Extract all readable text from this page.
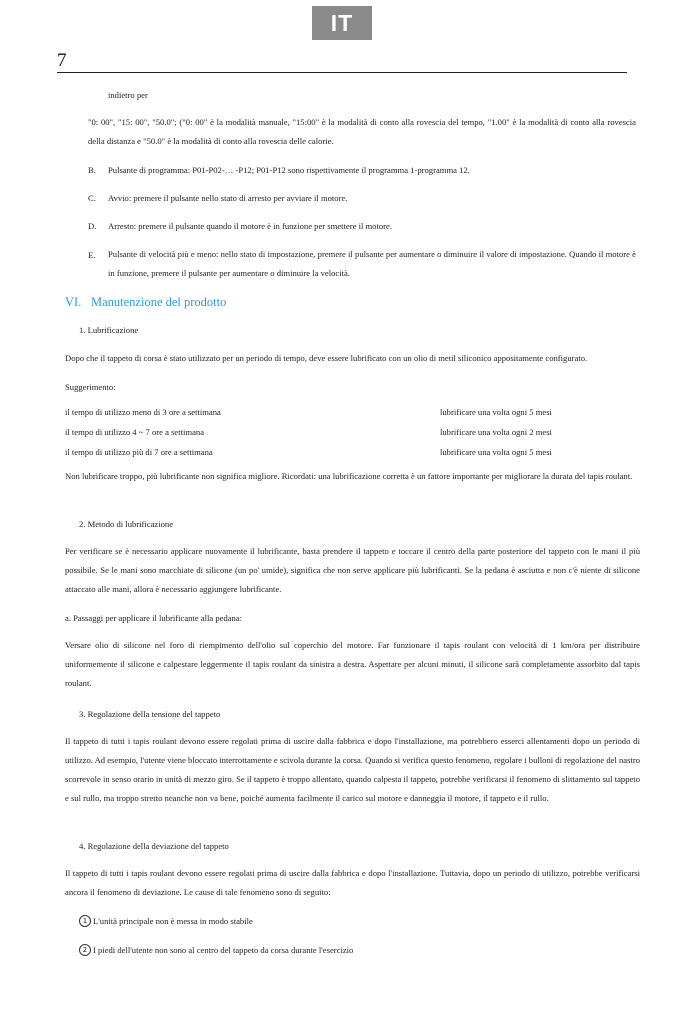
IT
7
indietro per
"0: 00", "15: 00", "50.0"; ("0: 00" è la modalità manuale, "15:00" è la modalità di conto alla rovescia del tempo, "1.00" è la modalità di conto alla rovescia della distanza e "50.0" è la modalità di conto alla rovescia delle calorie.
B. Pulsante di programma: P01-P02-… -P12; P01-P12 sono rispettivamente il programma 1-programma 12.
C. Avvio: premere il pulsante nello stato di arresto per avviare il motore.
D. Arresto: premere il pulsante quando il motore è in funzione per smettere il motore.
E. Pulsante di velocità più e meno: nello stato di impostazione, premere il pulsante per aumentare o diminuire il valore di impostazione. Quando il motore è in funzione, premere il pulsante per aumentare o diminuire la velocità.
VI. Manutenzione del prodotto
1. Lubrificazione
Dopo che il tappeto di corsa è stato utilizzato per un periodo di tempo, deve essere lubrificato con un olio di metil siliconico appositamente configurato.
Suggerimento:
il tempo di utilizzo meno di 3 ore a settimana	lubrificare una volta ogni 5 mesi
il tempo di utilizzo 4 ~ 7 ore a settimana	lubrificare una volta ogni 2 mesi
il tempo di utilizzo più di 7 ore a settimana	lubrificare una volta ogni 5 mesi
Non lubrificare troppo, più lubrificante non significa migliore. Ricordati: una lubrificazione corretta è un fattore importante per migliorare la durata del tapis roulant.
2. Metodo di lubrificazione
Per verificare se è necessario applicare nuovamente il lubrificante, basta prendere il tappeto e toccare il centro della parte posteriore del tappeto con le mani il più possibile. Se le mani sono macchiate di silicone (un po' umide), significa che non serve applicare più lubrificanti. Se la pedana è asciutta e non c'è niente di silicone attaccato alle mani, allora è necessario aggiungere lubrificante.
a. Passaggi per applicare il lubrificante alla pedana:
Versare olio di silicone nel foro di riempimento dell'olio sul coperchio del motore. Far funzionare il tapis roulant con velocità di 1 km/ora per distribuire uniformemente il silicone e calpestare leggermente il tapis roulant da sinistra a destra. Aspettare per alcuni minuti, il silicone sarà completamente assorbito dal tapis roulant.
3. Regolazione della tensione del tappeto
Il tappeto di tutti i tapis roulant devono essere regolati prima di uscire dalla fabbrica e dopo l'installazione, ma potrebbero esserci allentamenti dopo un periodo di utilizzo. Ad esempio, l'utente viene bloccato interrottamente e scivola durante la corsa. Quando si verifica questo fenomeno, regolare i bulloni di regolazione del nastro scorrevole in senso orario in unità di mezzo giro. Se il tappeto è troppo allentato, quando calpesta il tappeto, potrebbe verificarsi il fenomeno di slittamento sul tappeto e sul rullo, ma troppo stretto neanche non va bene, poiché aumenta facilmente il carico sul motore e danneggia il motore, il tappeto e il rullo.
4. Regolazione della deviazione del tappeto
Il tappeto di tutti i tapis roulant devono essere regolati prima di uscire dalla fabbrica e dopo l'installazione. Tuttavia, dopo un periodo di utilizzo, potrebbe verificarsi ancora il fenomeno di deviazione. Le cause di tale fenomeno sono di seguito:
1 L'unità principale non è messa in modo stabile
2 I piedi dell'utente non sono al centro del tappeto da corsa durante l'esercizio
